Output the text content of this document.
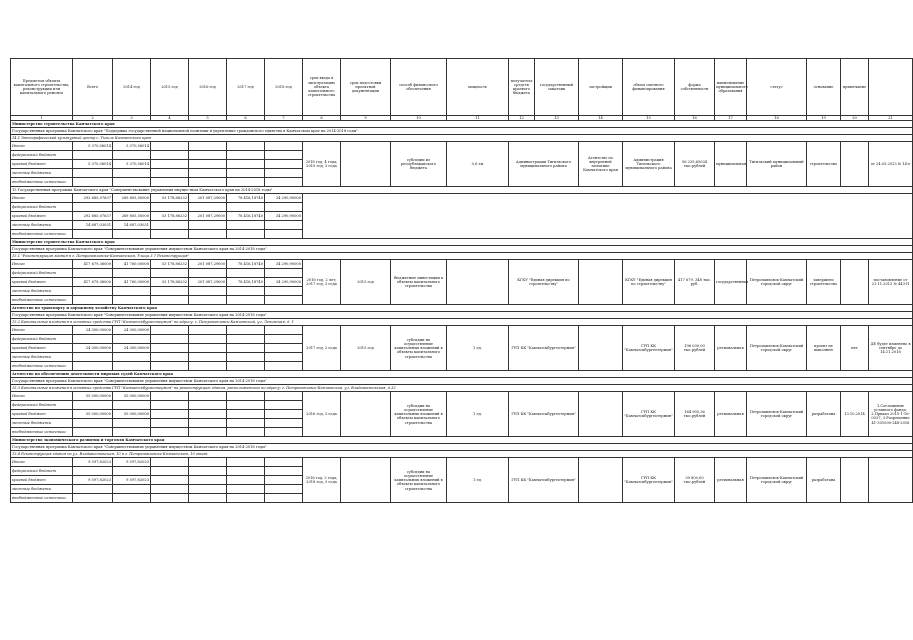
Предметом объекта капитального строительства, реконструкции или капитального ремонта	Всего	2014 год	2015 год	2016 год	2017 год	2018 год	срок ввода в эксплуатацию объекта капитального строительства	срок подготовки проектной документации	способ финансового обеспечения	мощность	получатель средств краевого бюджета	государственный заказчик	застройщик	объем сметного финансирования	форма собственности	наименование муниципального образования	статус	основание	примечание	
1	2	3	4	5	6	7	8	9	10	11	12	13	14	15	16	17	18	19	20	21
Министерство строительства Камчатского края																				
Государственная программа Камчатского края "Поддержка государственной национальной политики и укрепление гражданского единства в Камчатском крае на 2014-2018 годы"																				
14.1 Этнографический культурный центр с. Тигиль Камчатского края																				
Итого	5 370,56014	5 370,56014					2018 год, 4 года; 2015 год, 3 года		субсидии из республиканского бюджета	0,6 тм	Администрация Тигильского муниципального района		Агентство по внутренней политике Камчатского края	Администрация Тигильского муниципального района	56 235,65034 тыс.рублей	муниципальная	Тигильский муниципальный район	строительство		от 24.03.2013 № 14-е
федеральный бюджет																				
краевой бюджет	5 370,56014	5 370,56014																		
местные бюджеты																				
внебюджетные источники																				
15 Государственная программа Камчатского края "Совершенствование управления имуществом Камчатского края на 2014-2018 годы"																				
Итого	292 685,07637	269 805,50000	53 178,86232	201 087,29000	78 416,18740	34 290,90000														
федеральный бюджет																				
краевой бюджет	292 685,07637	269 805,50000	53 178,86232	201 087,29000	78 416,18740	34 290,90000														
местные бюджеты	14 687,03031	14 687,03031																		
внебюджетные источники																				
Министерство строительства Камчатского края																				
Государственная программа Камчатского края "Совершенствование управления имуществом Камчатского края на 2014-2018 годы"																				
15.1 "Реконструкция здания в г. Петропавловске-Камчатском, Улица 3.7 Реконструкция"																				
Итого	417 679,36000	41 760,00000	53 178,86232	201 087,29000	78 416,18740	34 290,90000	2016 год, 2 лет; 2017 год, 3 года	2015 год	бюджетные инвестиции в объекты капитального строительства		КГКУ "Единая дирекция по строительству"			КГКУ "Единая дирекция по строительству"	417 679, 348 тыс. руб.	государственная	Петропавловск-Камчатский городской округ	завершено строительство		постановление от 21.11.2013 № 443-П
федеральный бюджет																				
краевой бюджет	417 679,36000	41 760,00000	53 178,86232	201 087,29000	78 416,18740	34 290,90000														
местные бюджеты																				
внебюджетные источники																				
Агентство по транспорту и дорожному хозяйству Камчатского края																				
Государственная программа Камчатского края "Совершенствование управления имуществом Камчатского края на 2014-2018 годы"																				
15.2 Капитальные вложения в основные средства ГУП "Камчатскбургеотермия" по адресу: г. Петропавловск-Камчатский, ул. Ленинская, д. 1																				
Итого	24 300,00000	24 300,00000					2017 год, 2 года	2015 год	субсидии на осуществление капитальных вложений в объекты капитального строительства	1 ед.	ГУП КК "Камчатскбургеотермия"			ГУП КК "Камчатскбургеотермия"	196 030,00 тыс.рублей	региональная	Петропавловск-Камчатский городской округ	проект не выполнен	нет	ДЕ будет изменено в сентябре до 14.11.2016
федеральный бюджет																				
краевой бюджет	24 300,00000	24 300,00000																		
местные бюджеты																				
внебюджетные источники																				
Агентство по обеспечению деятельности мировых судей Камчатского края																				
Государственная программа Камчатского края "Совершенствование управления имуществом Камчатского края на 2014-2018 годы"																				
15.3 Капитальные вложения в основные средства ГУП "Камчатскбургеотермия" на реконструкцию здания, расположенного по адресу: г. Петропавловск-Камчатский, ул. Владивостокская, д.32																				
Итого	55 000,00000	55 000,00000					2016 год, 2 года		субсидии на осуществление капитальных вложений в объекты капитального строительства	1 ед.	ГУП КК "Камчатскбургеотермия"			ГУП КК "Камчатскбургеотермия"	164 905,36 тыс.рублей	региональная	Петропавловск-Камчатский городской округ	разработана	13.10.2014	1.Соглашение уставного фонда; 2.Приказ 2015-1-16-0037; 3.Разрешение 41-301000-248-2016
федеральный бюджет																				
краевой бюджет	55 000,00000	55 000,00000																		
местные бюджеты																				
внебюджетные источники																				
Министерство экономического развития и торговли Камчатского края																				
Государственная программа Камчатского края "Совершенствование управления имуществом Камчатского края на 2014-2018 годы"																				
15.4 Реконструкция здания по ул. Владивостокская, 10 в г. Петропавловске-Камчатском, 10 этаж																				
Итого	9 597,82023	9 597,82023					2016 год, 2 года; 2018 год, 3 года		субсидии на осуществление капитальных вложений в объекты капитального строительства	1 ед.	ГУП КК "Камчатскбургеотермия"			ГУП КК "Камчатскбургеотермия"	39 800,00 тыс.рублей	региональная	Петропавловск-Камчатский городской округ	разработана		
федеральный бюджет																				
краевой бюджет	9 597,82023	9 597,82023																		
местные бюджеты																				
внебюджетные источники																				
